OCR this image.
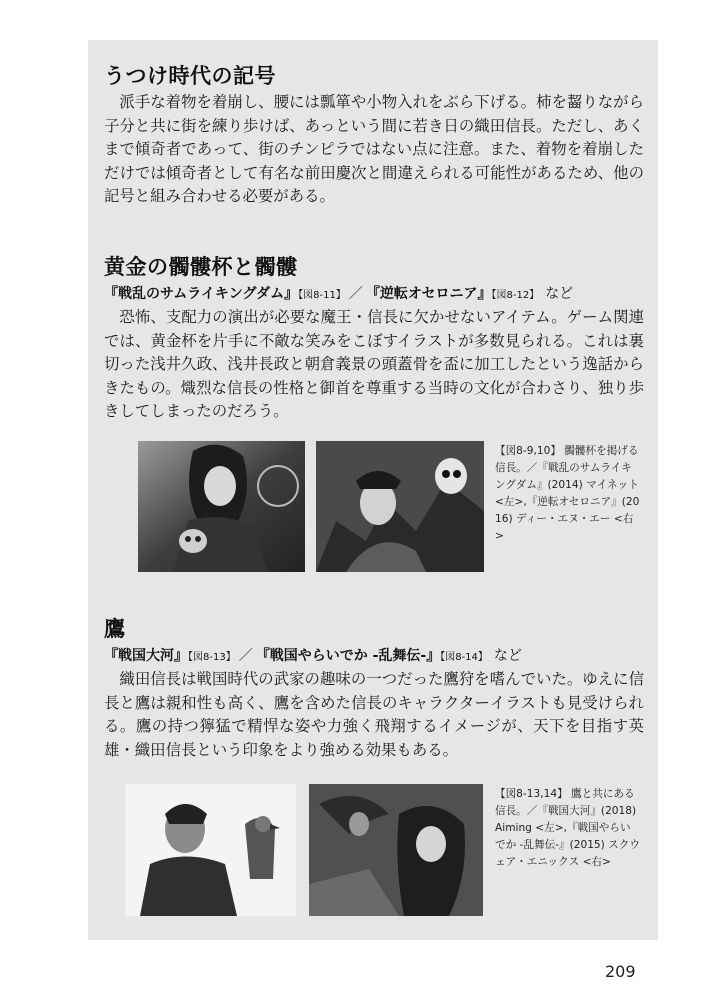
うつけ時代の記号
派手な着物を着崩し、腰には瓢箪や小物入れをぶら下げる。柿を齧りながら子分と共に街を練り歩けば、あっという間に若き日の織田信長。ただし、あくまで傾奇者であって、街のチンピラではない点に注意。また、着物を着崩しただけでは傾奇者として有名な前田慶次と間違えられる可能性があるため、他の記号と組み合わせる必要がある。
黄金の髑髏杯と髑髏
『戦乱のサムライキングダム』【図8-11】 ／ 『逆転オセロニア』【図8-12】 など
恐怖、支配力の演出が必要な魔王・信長に欠かせないアイテム。ゲーム関連では、黄金杯を片手に不敵な笑みをこぼすイラストが多数見られる。これは裏切った浅井久政、浅井長政と朝倉義景の頭蓋骨を盃に加工したという逸話からきたもの。熾烈な信長の性格と御首を尊重する当時の文化が合わさり、独り歩きしてしまったのだろう。
【図8-9,10】 髑髏杯を掲げる信長。／『戦乱のサムライキングダム』(2014) マイネット <左>,『逆転オセロニア』(2016) ディー・エヌ・エー <右>
鷹
『戦国大河』【図8-13】 ／ 『戦国やらいでか -乱舞伝-』【図8-14】 など
織田信長は戦国時代の武家の趣味の一つだった鷹狩を嗜んでいた。ゆえに信長と鷹は親和性も高く、鷹を含めた信長のキャラクターイラストも見受けられる。鷹の持つ獰猛で精悍な姿や力強く飛翔するイメージが、天下を目指す英雄・織田信長という印象をより強める効果もある。
【図8-13,14】 鷹と共にある信長。／『戦国大河』(2018) Aiming <左>,『戦国やらいでか -乱舞伝-』(2015) スクウェア・エニックス <右>
209
